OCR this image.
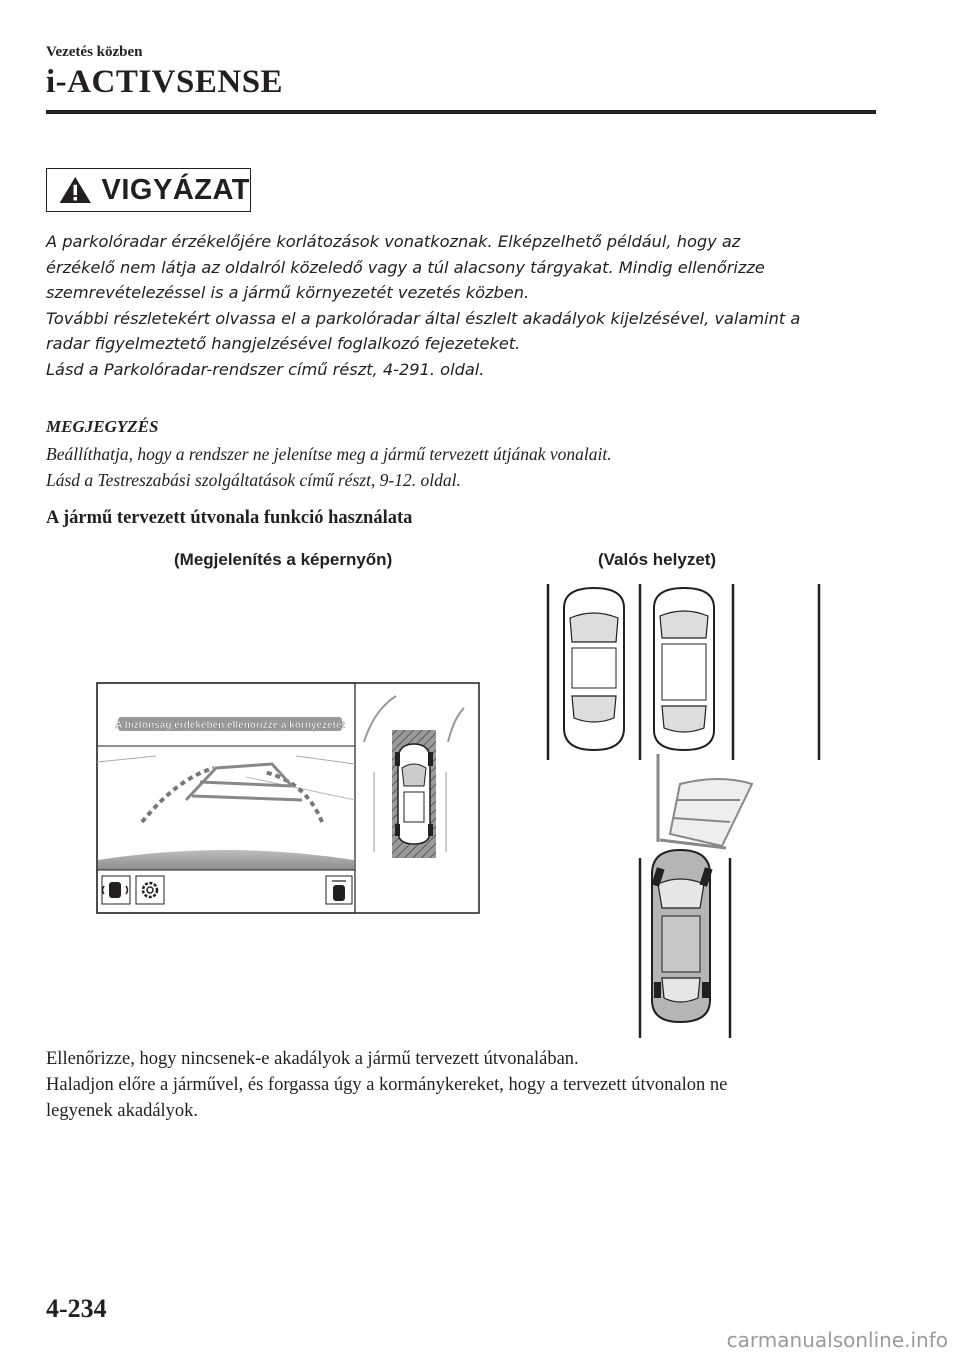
Vezetés közben
i-ACTIVSENSE
VIGYÁZAT

A parkolóradar érzékelőjére korlátozások vonatkoznak. Elképzelhető például, hogy az

érzékelő nem látja az oldalról közeledő vagy a túl alacsony tárgyakat. Mindig ellenőrizze

szemrevételezéssel is a jármű környezetét vezetés közben.

További részletekért olvassa el a parkolóradar által észlelt akadályok kijelzésével, valamint a

radar figyelmeztető hangjelzésével foglalkozó fejezeteket.

Lásd a Parkolóradar-rendszer című részt, 4-291. oldal.

MEGJEGYZÉS

Beállíthatja, hogy a rendszer ne jelenítse meg a jármű tervezett útjának vonalait.

Lásd a Testreszabási szolgáltatások című részt, 9-12. oldal.

A jármű tervezett útvonala funkció használata
(Megjelenítés a képernyőn)	(Valós helyzet)
A biztonság érdekében ellenőrizze a környezetet

Ellenőrizze, hogy nincsenek-e akadályok a jármű tervezett útvonalában.

Haladjon előre a járművel, és forgassa úgy a kormánykereket, hogy a tervezett útvonalon ne

legyenek akadályok.

4-234
carmanualsonline.info
